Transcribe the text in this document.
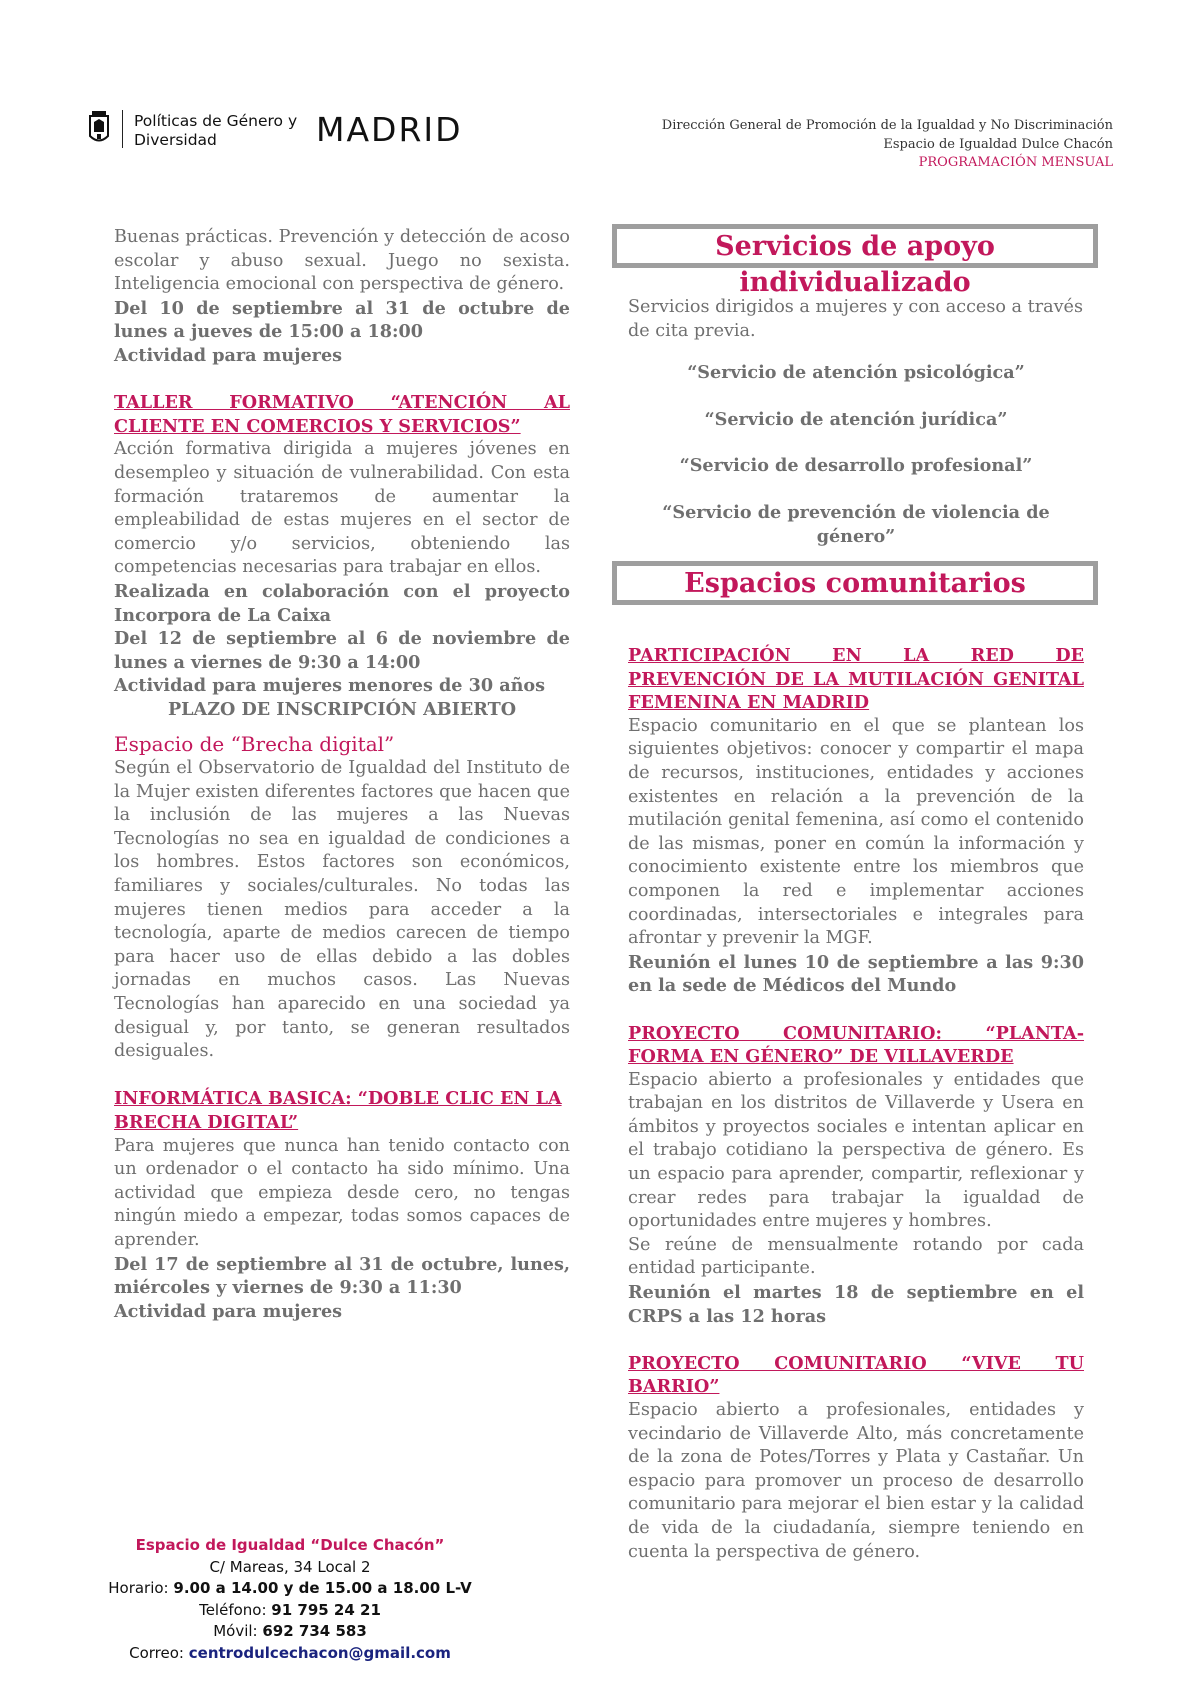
Políticas de Género y
Diversidad	MADRID	Dirección General de Promoción de la Igualdad y No Discriminación
Espacio de Igualdad Dulce Chacón
PROGRAMACIÓN MENSUAL

Buenas prácticas. Prevención y detección de acoso escolar y abuso sexual. Juego no sexista. Inteligencia emocional con perspectiva de género.

Del 10 de septiembre al 31 de octubre de lunes a jueves de 15:00 a 18:00

Actividad para mujeres

TALLER FORMATIVO “ATENCIÓN AL CLIENTE EN COMERCIOS Y SERVICIOS”

Acción formativa dirigida a mujeres jóvenes en desempleo y situación de vulnerabilidad. Con esta formación trataremos de aumentar la empleabilidad de estas mujeres en el sector de comercio y/o servicios, obteniendo las competencias necesarias para trabajar en ellos.

Realizada en colaboración con el proyecto Incorpora de La Caixa

Del 12 de septiembre al 6 de noviembre de lunes a viernes de 9:30 a 14:00

Actividad para mujeres menores de 30 años

PLAZO DE INSCRIPCIÓN ABIERTO

Espacio de “Brecha digital”

Según el Observatorio de Igualdad del Instituto de la Mujer existen diferentes factores que hacen que la inclusión de las mujeres a las Nuevas Tecnologías no sea en igualdad de condiciones a los hombres. Estos factores son económicos, familiares y sociales/culturales. No todas las mujeres tienen medios para acceder a la tecnología, aparte de medios carecen de tiempo para hacer uso de ellas debido a las dobles jornadas en muchos casos. Las Nuevas Tecnologías han aparecido en una sociedad ya desigual y, por tanto, se generan resultados desiguales.

INFORMÁTICA BASICA: “DOBLE CLIC EN LA BRECHA DIGITAL”

Para mujeres que nunca han tenido contacto con un ordenador o el contacto ha sido mínimo. Una actividad que empieza desde cero, no tengas ningún miedo a empezar, todas somos capaces de aprender.

Del 17 de septiembre al 31 de octubre, lunes, miércoles y viernes de 9:30 a 11:30

Actividad para mujeres

Servicios de apoyo individualizado

Servicios dirigidos a mujeres y con acceso a través de cita previa.

“Servicio de atención psicológica”

“Servicio de atención jurídica”

“Servicio de desarrollo profesional”

“Servicio de prevención de violencia de género”

Espacios comunitarios

PARTICIPACIÓN EN LA RED DE PREVENCIÓN DE LA MUTILACIÓN GENITAL FEMENINA EN MADRID

Espacio comunitario en el que se plantean los siguientes objetivos: conocer y compartir el mapa de recursos, instituciones, entidades y acciones existentes en relación a la prevención de la mutilación genital femenina, así como el contenido de las mismas, poner en común la información y conocimiento existente entre los miembros que componen la red e implementar acciones coordinadas, intersectoriales e integrales para afrontar y prevenir la MGF.

Reunión el lunes 10 de septiembre a las 9:30 en la sede de Médicos del Mundo

PROYECTO COMUNITARIO: “PLANTA-FORMA EN GÉNERO” DE VILLAVERDE

Espacio abierto a profesionales y entidades que trabajan en los distritos de Villaverde y Usera en ámbitos y proyectos sociales e intentan aplicar en el trabajo cotidiano la perspectiva de género. Es un espacio para aprender, compartir, reflexionar y crear redes para trabajar la igualdad de oportunidades entre mujeres y hombres.

Se reúne de mensualmente rotando por cada entidad participante.

Reunión el martes 18 de septiembre en el CRPS a las 12 horas

PROYECTO COMUNITARIO “VIVE TU BARRIO”

Espacio abierto a profesionales, entidades y vecindario de Villaverde Alto, más concretamente de la zona de Potes/Torres y Plata y Castañar. Un espacio para promover un proceso de desarrollo comunitario para mejorar el bien estar y la calidad de vida de la ciudadanía, siempre teniendo en cuenta la perspectiva de género.

Espacio de Igualdad “Dulce Chacón”
C/ Mareas, 34 Local 2
Horario: 9.00 a 14.00 y de 15.00 a 18.00 L-V
Teléfono: 91 795 24 21
Móvil: 692 734 583
Correo: centrodulcechacon@gmail.com
